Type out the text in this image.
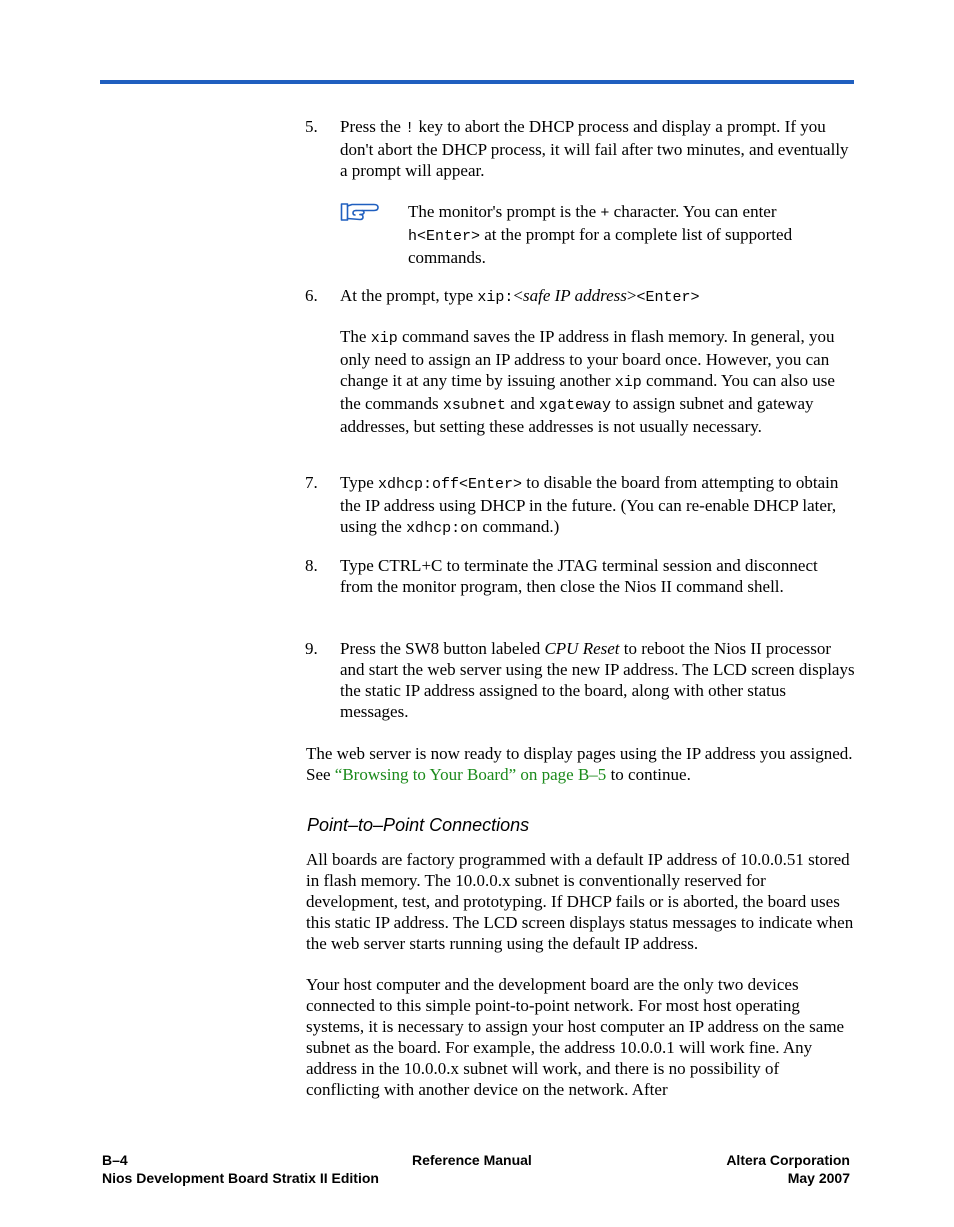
5. Press the ! key to abort the DHCP process and display a prompt. If you don't abort the DHCP process, it will fail after two minutes, and eventually a prompt will appear.
The monitor's prompt is the + character. You can enter h<Enter> at the prompt for a complete list of supported commands.
6. At the prompt, type xip:<safe IP address><Enter>
The xip command saves the IP address in flash memory. In general, you only need to assign an IP address to your board once. However, you can change it at any time by issuing another xip command. You can also use the commands xsubnet and xgateway to assign subnet and gateway addresses, but setting these addresses is not usually necessary.
7. Type xdhcp:off<Enter> to disable the board from attempting to obtain the IP address using DHCP in the future. (You can re-enable DHCP later, using the xdhcp:on command.)
8. Type CTRL+C to terminate the JTAG terminal session and disconnect from the monitor program, then close the Nios II command shell.
9. Press the SW8 button labeled CPU Reset to reboot the Nios II processor and start the web server using the new IP address. The LCD screen displays the static IP address assigned to the board, along with other status messages.
The web server is now ready to display pages using the IP address you assigned. See “Browsing to Your Board” on page B–5 to continue.
Point–to–Point Connections
All boards are factory programmed with a default IP address of 10.0.0.51 stored in flash memory. The 10.0.0.x subnet is conventionally reserved for development, test, and prototyping. If DHCP fails or is aborted, the board uses this static IP address. The LCD screen displays status messages to indicate when the web server starts running using the default IP address.
Your host computer and the development board are the only two devices connected to this simple point-to-point network. For most host operating systems, it is necessary to assign your host computer an IP address on the same subnet as the board. For example, the address 10.0.0.1 will work fine. Any address in the 10.0.0.x subnet will work, and there is no possibility of conflicting with another device on the network. After
B–4
Nios Development Board Stratix II Edition
Reference Manual	Altera Corporation
May 2007
